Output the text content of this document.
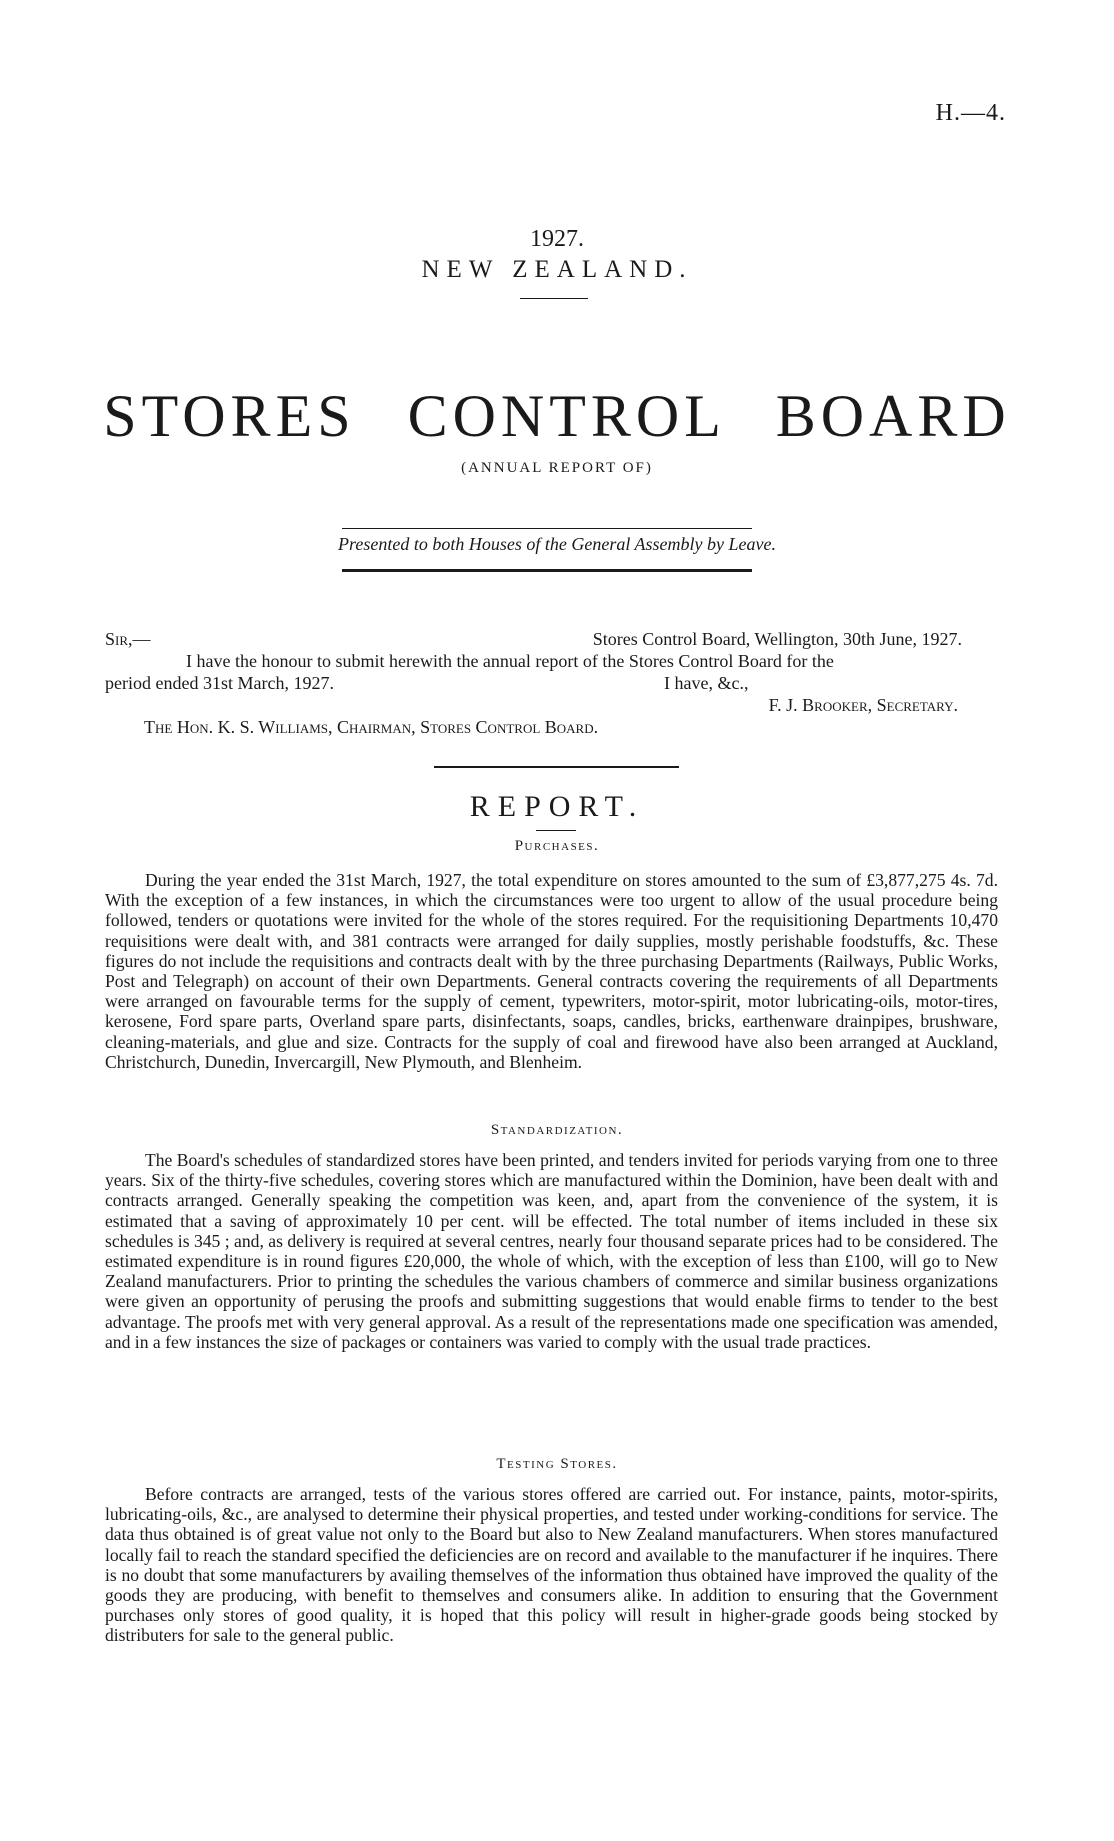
H.—4.
1927.
NEW ZEALAND.
STORES CONTROL BOARD
(ANNUAL REPORT OF)
Presented to both Houses of the General Assembly by Leave.
Sir,—	Stores Control Board, Wellington, 30th June, 1927.
I have the honour to submit herewith the annual report of the Stores Control Board for the
period ended 31st March, 1927.	I have, &c.,
F. J. Brooker, Secretary.
The Hon. K. S. Williams, Chairman, Stores Control Board.
REPORT.
Purchases.

During the year ended the 31st March, 1927, the total expenditure on stores amounted to the sum of £3,877,275 4s. 7d. With the exception of a few instances, in which the circumstances were too urgent to allow of the usual procedure being followed, tenders or quotations were invited for the whole of the stores required. For the requisitioning Departments 10,470 requisitions were dealt with, and 381 contracts were arranged for daily supplies, mostly perishable foodstuffs, &c. These figures do not include the requisitions and contracts dealt with by the three purchasing Departments (Railways, Public Works, Post and Telegraph) on account of their own Departments. General contracts covering the requirements of all Departments were arranged on favourable terms for the supply of cement, typewriters, motor-spirit, motor lubricating-oils, motor-tires, kerosene, Ford spare parts, Overland spare parts, disinfectants, soaps, candles, bricks, earthenware drainpipes, brushware, cleaning-materials, and glue and size. Contracts for the supply of coal and firewood have also been arranged at Auckland, Christchurch, Dunedin, Invercargill, New Plymouth, and Blenheim.

Standardization.

The Board's schedules of standardized stores have been printed, and tenders invited for periods varying from one to three years. Six of the thirty-five schedules, covering stores which are manufactured within the Dominion, have been dealt with and contracts arranged. Generally speaking the competition was keen, and, apart from the convenience of the system, it is estimated that a saving of approximately 10 per cent. will be effected. The total number of items included in these six schedules is 345 ; and, as delivery is required at several centres, nearly four thousand separate prices had to be considered. The estimated expenditure is in round figures £20,000, the whole of which, with the exception of less than £100, will go to New Zealand manufacturers. Prior to printing the schedules the various chambers of commerce and similar business organizations were given an opportunity of perusing the proofs and submitting suggestions that would enable firms to tender to the best advantage. The proofs met with very general approval. As a result of the representations made one specification was amended, and in a few instances the size of packages or containers was varied to comply with the usual trade practices.

Testing Stores.

Before contracts are arranged, tests of the various stores offered are carried out. For instance, paints, motor-spirits, lubricating-oils, &c., are analysed to determine their physical properties, and tested under working-conditions for service. The data thus obtained is of great value not only to the Board but also to New Zealand manufacturers. When stores manufactured locally fail to reach the standard specified the deficiencies are on record and available to the manufacturer if he inquires. There is no doubt that some manufacturers by availing themselves of the information thus obtained have improved the quality of the goods they are producing, with benefit to themselves and consumers alike. In addition to ensuring that the Government purchases only stores of good quality, it is hoped that this policy will result in higher-grade goods being stocked by distributers for sale to the general public.
